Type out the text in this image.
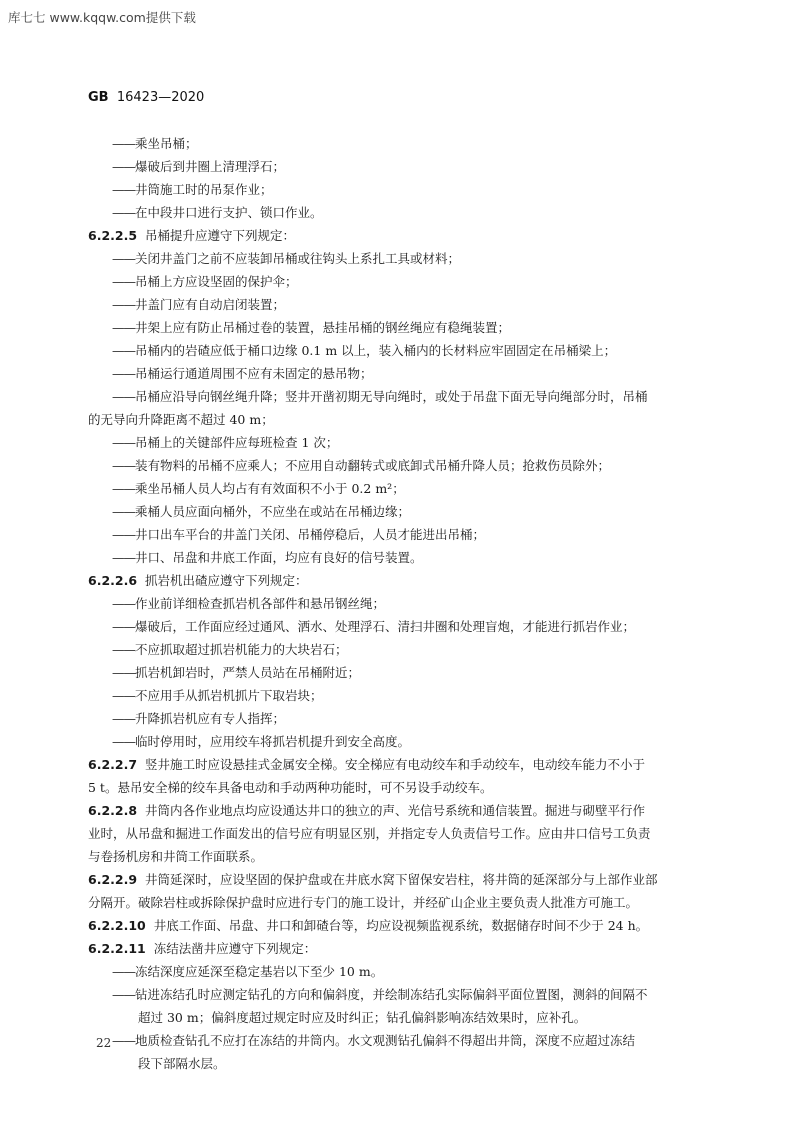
库七七 www.kqqw.com提供下载
GB 16423—2020
—— 乘坐吊桶；
—— 爆破后到井圈上清理浮石；
—— 井筒施工时的吊泵作业；
—— 在中段井口进行支护、锁口作业。
6.2.2.5 吊桶提升应遵守下列规定：
—— 关闭井盖门之前不应装卸吊桶或往钩头上系扎工具或材料；
—— 吊桶上方应设坚固的保护伞；
—— 井盖门应有自动启闭装置；
—— 井架上应有防止吊桶过卷的装置，悬挂吊桶的钢丝绳应有稳绳装置；
—— 吊桶内的岩碴应低于桶口边缘 0.1 m 以上，装入桶内的长材料应牢固固定在吊桶梁上；
—— 吊桶运行通道周围不应有未固定的悬吊物；
—— 吊桶应沿导向钢丝绳升降；竖井开凿初期无导向绳时，或处于吊盘下面无导向绳部分时，吊桶
的无导向升降距离不超过 40 m；
—— 吊桶上的关键部件应每班检查 1 次；
—— 装有物料的吊桶不应乘人；不应用自动翻转式或底卸式吊桶升降人员；抢救伤员除外；
—— 乘坐吊桶人员人均占有有效面积不小于 0.2 m²；
—— 乘桶人员应面向桶外，不应坐在或站在吊桶边缘；
—— 井口出车平台的井盖门关闭、吊桶停稳后，人员才能进出吊桶；
—— 井口、吊盘和井底工作面，均应有良好的信号装置。
6.2.2.6 抓岩机出碴应遵守下列规定：
—— 作业前详细检查抓岩机各部件和悬吊钢丝绳；
—— 爆破后，工作面应经过通风、洒水、处理浮石、清扫井圈和处理盲炮，才能进行抓岩作业；
—— 不应抓取超过抓岩机能力的大块岩石；
—— 抓岩机卸岩时，严禁人员站在吊桶附近；
—— 不应用手从抓岩机抓片下取岩块；
—— 升降抓岩机应有专人指挥；
—— 临时停用时，应用绞车将抓岩机提升到安全高度。
6.2.2.7 竖井施工时应设悬挂式金属安全梯。安全梯应有电动绞车和手动绞车，电动绞车能力不小于
5 t。悬吊安全梯的绞车具备电动和手动两种功能时，可不另设手动绞车。
6.2.2.8 井筒内各作业地点均应设通达井口的独立的声、光信号系统和通信装置。掘进与砌壁平行作
业时，从吊盘和掘进工作面发出的信号应有明显区别，并指定专人负责信号工作。应由井口信号工负责
与卷扬机房和井筒工作面联系。
6.2.2.9 井筒延深时，应设坚固的保护盘或在井底水窝下留保安岩柱，将井筒的延深部分与上部作业部
分隔开。破除岩柱或拆除保护盘时应进行专门的施工设计，并经矿山企业主要负责人批准方可施工。
6.2.2.10 井底工作面、吊盘、井口和卸碴台等，均应设视频监视系统，数据储存时间不少于 24 h。
6.2.2.11 冻结法凿井应遵守下列规定：
—— 冻结深度应延深至稳定基岩以下至少 10 m。
—— 钻进冻结孔时应测定钻孔的方向和偏斜度，并绘制冻结孔实际偏斜平面位置图，测斜的间隔不
超过 30 m；偏斜度超过规定时应及时纠正；钻孔偏斜影响冻结效果时，应补孔。
—— 地质检查钻孔不应打在冻结的井筒内。水文观测钻孔偏斜不得超出井筒，深度不应超过冻结
段下部隔水层。
22
